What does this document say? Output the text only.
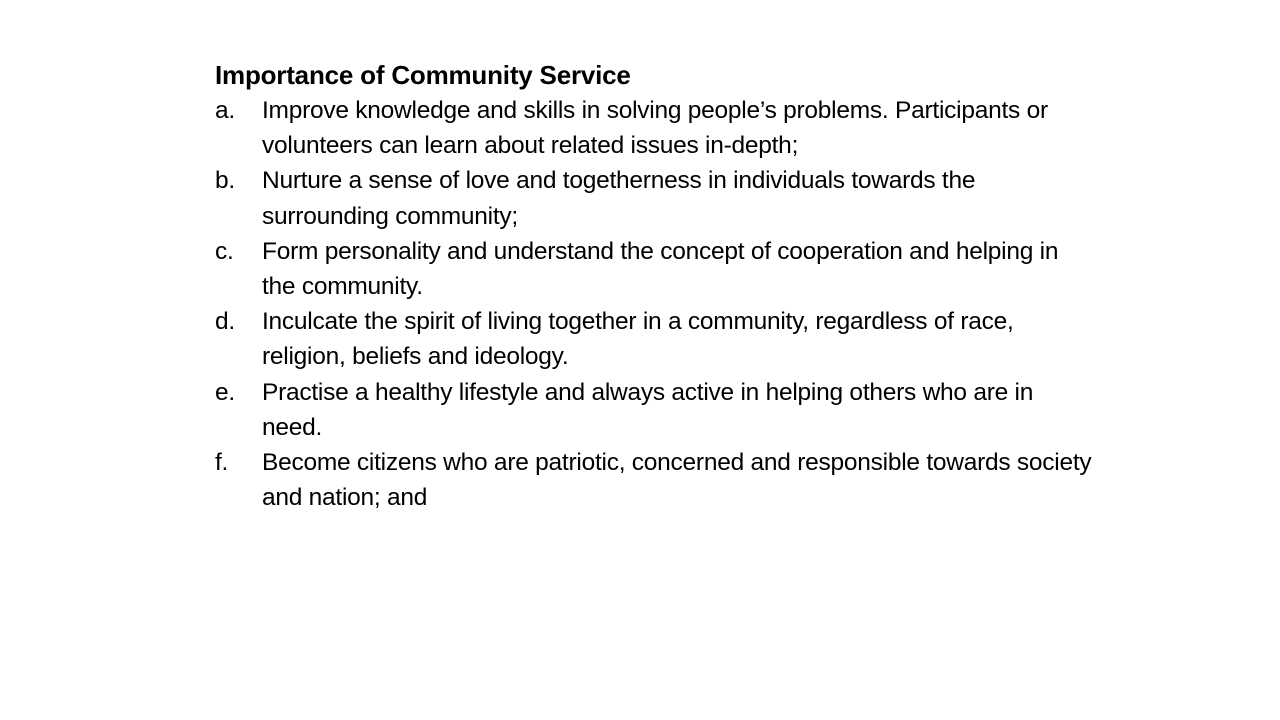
Importance of Community Service
a.	Improve knowledge and skills in solving people’s problems. Participants or volunteers can learn about related issues in-depth;
b.	Nurture a sense of love and togetherness in individuals towards the surrounding community;
c.	Form personality and understand the concept of cooperation and helping in the community.
d.	Inculcate the spirit of living together in a community, regardless of race, religion, beliefs and ideology.
e.	Practise a healthy lifestyle and always active in helping others who are in need.
f.	Become citizens who are patriotic, concerned and responsible towards society and nation; and
